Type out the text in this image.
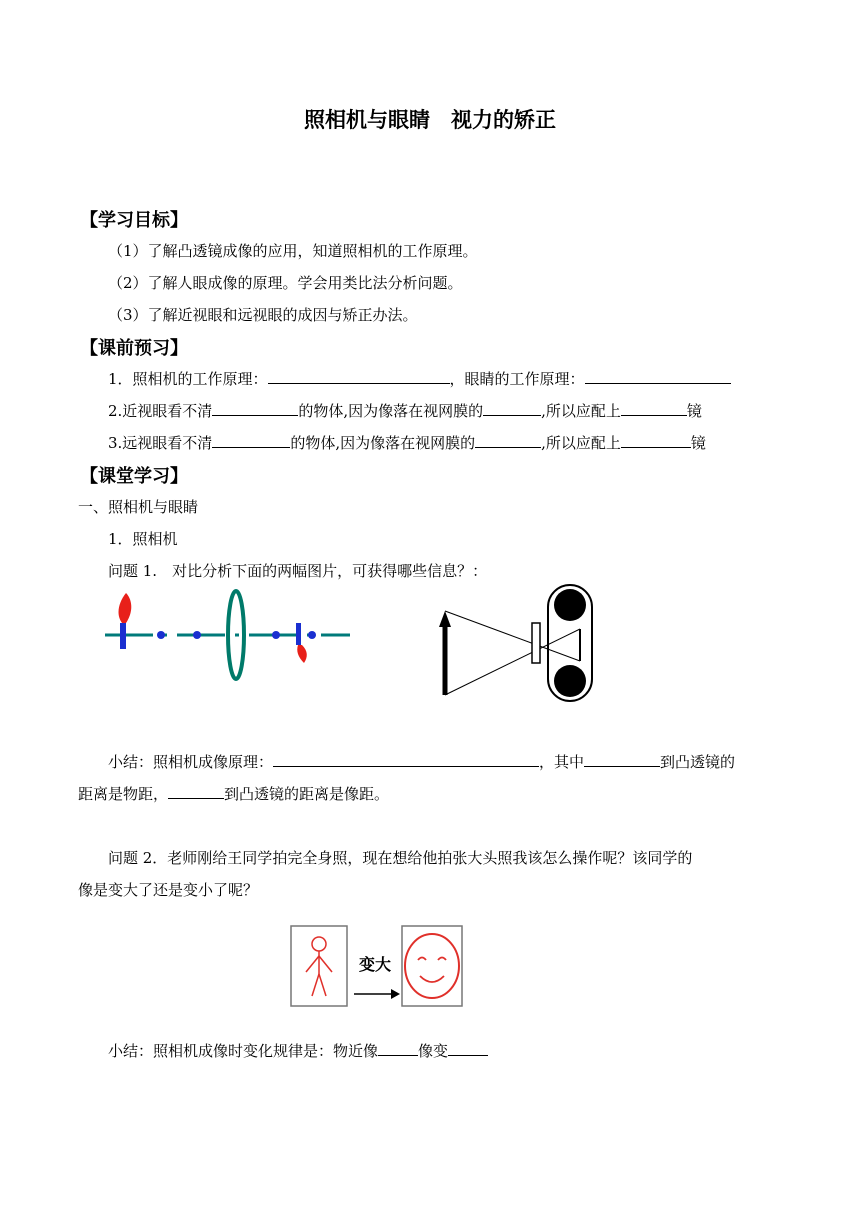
照相机与眼睛　视力的矫正
【学习目标】
（1）了解凸透镜成像的应用，知道照相机的工作原理。
（2）了解人眼成像的原理。学会用类比法分析问题。
（3）了解近视眼和远视眼的成因与矫正办法。
【课前预习】
1．照相机的工作原理：	，眼睛的工作原理：
2.近视眼看不清	的物体,因为像落在视网膜的	,所以应配上	镜
3.远视眼看不清	的物体,因为像落在视网膜的	,所以应配上	镜
【课堂学习】
一、照相机与眼睛
1．照相机
问题 1.　对比分析下面的两幅图片，可获得哪些信息？：
小结：照相机成像原理：	，其中	到凸透镜的
距离是物距，	到凸透镜的距离是像距。
问题 2．老师刚给王同学拍完全身照，现在想给他拍张大头照我该怎么操作呢？该同学的
像是变大了还是变小了呢？
变大
小结：照相机成像时变化规律是：物近像	像变
